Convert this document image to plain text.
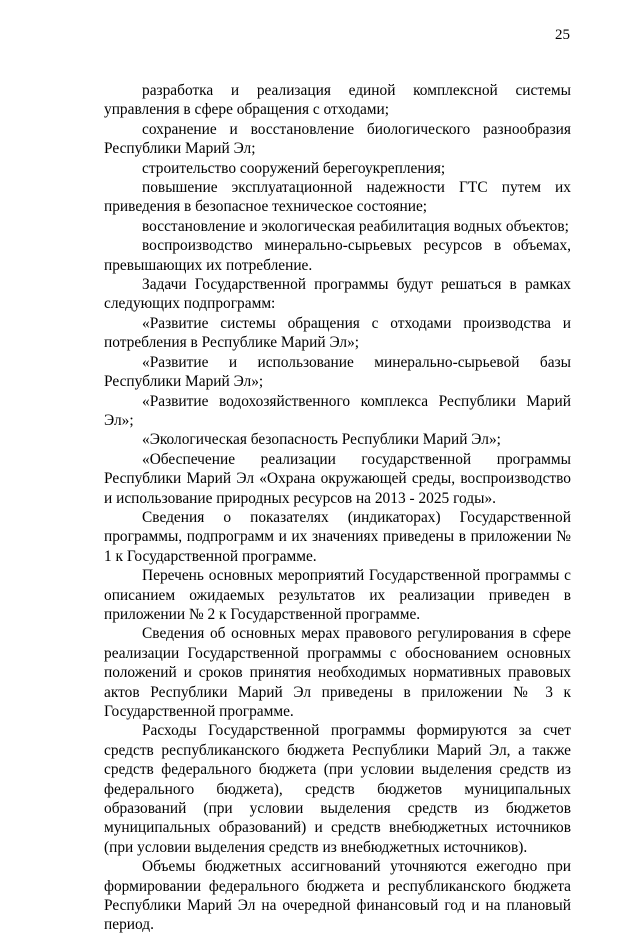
25

разработка и реализация единой комплексной системы управления в сфере обращения с отходами;

сохранение и восстановление биологического разнообразия Республики Марий Эл;

строительство сооружений берегоукрепления;

повышение эксплуатационной надежности ГТС путем их приведения в безопасное техническое состояние;

восстановление и экологическая реабилитация водных объектов;

воспроизводство минерально-сырьевых ресурсов в объемах, превышающих их потребление.

Задачи Государственной программы будут решаться в рамках следующих подпрограмм:

«Развитие системы обращения с отходами производства и потребления в Республике Марий Эл»;

«Развитие и использование минерально-сырьевой базы Республики Марий Эл»;

«Развитие водохозяйственного комплекса Республики Марий Эл»;

«Экологическая безопасность Республики Марий Эл»;

«Обеспечение реализации государственной программы Республики Марий Эл «Охрана окружающей среды, воспроизводство и использование природных ресурсов на 2013 - 2025 годы».

Сведения о показателях (индикаторах) Государственной программы, подпрограмм и их значениях приведены в приложении № 1 к Государственной программе.

Перечень основных мероприятий Государственной программы с описанием ожидаемых результатов их реализации приведен в приложении № 2 к Государственной программе.

Сведения об основных мерах правового регулирования в сфере реализации Государственной программы с обоснованием основных положений и сроков принятия необходимых нормативных правовых актов Республики Марий Эл приведены в приложении № 3 к Государственной программе.

Расходы Государственной программы формируются за счет средств республиканского бюджета Республики Марий Эл, а также средств федерального бюджета (при условии выделения средств из федерального бюджета), средств бюджетов муниципальных образований (при условии выделения средств из бюджетов муниципальных образований) и средств внебюджетных источников (при условии выделения средств из внебюджетных источников).

Объемы бюджетных ассигнований уточняются ежегодно при формировании федерального бюджета и республиканского бюджета Республики Марий Эл на очередной финансовый год и на плановый период.
